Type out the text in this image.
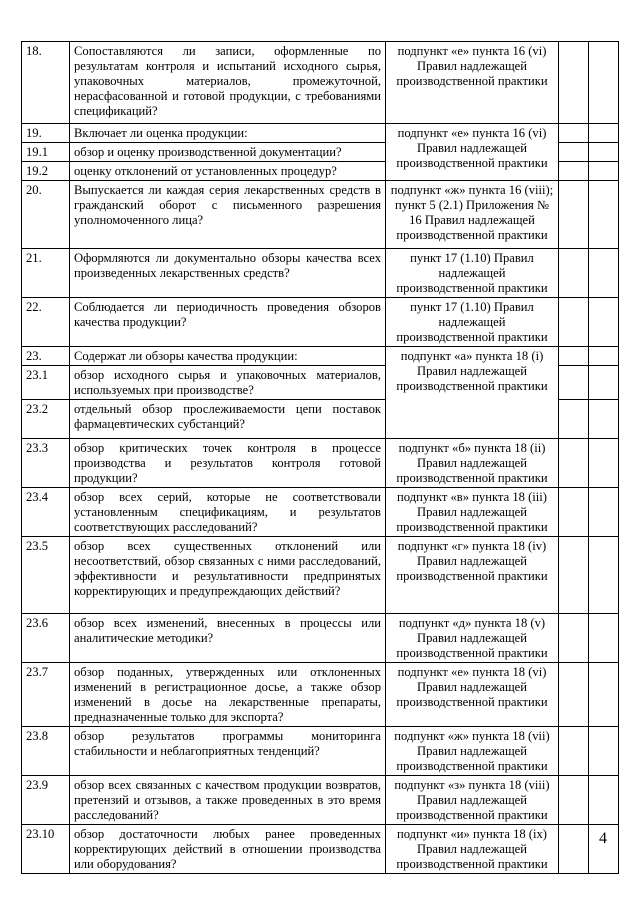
18.	Сопоставляются ли записи, оформленные по результатам контроля и испытаний исходного сырья, упаковочных материалов, промежуточной, нерасфасованной и готовой продукции, с требованиями спецификаций?	подпункт «е» пункта 16 (vi) Правил надлежащей производственной практики		
19.	Включает ли оценка продукции:	подпункт «е» пункта 16 (vi) Правил надлежащей производственной практики		
19.1	обзор и оценку производственной документации?			
19.2	оценку отклонений от установленных процедур?			
20.	Выпускается ли каждая серия лекарственных средств в гражданский оборот с письменного разрешения уполномоченного лица?	подпункт «ж» пункта 16 (viii); пункт 5 (2.1) Приложения № 16 Правил надлежащей производственной практики		
21.	Оформляются ли документально обзоры качества всех произведенных лекарственных средств?	пункт 17 (1.10) Правил надлежащей производственной практики		
22.	Соблюдается ли периодичность проведения обзоров качества продукции?	пункт 17 (1.10) Правил надлежащей производственной практики		
23.	Содержат ли обзоры качества продукции:	подпункт «а» пункта 18 (i) Правил надлежащей производственной практики		
23.1	обзор исходного сырья и упаковочных материалов, используемых при производстве?			
23.2	отдельный обзор прослеживаемости цепи поставок фармацевтических субстанций?			
23.3	обзор критических точек контроля в процессе производства и результатов контроля готовой продукции?	подпункт «б» пункта 18 (ii) Правил надлежащей производственной практики		
23.4	обзор всех серий, которые не соответствовали установленным спецификациям, и результатов соответствующих расследований?	подпункт «в» пункта 18 (iii) Правил надлежащей производственной практики		
23.5	обзор всех существенных отклонений или несоответствий, обзор связанных с ними расследований, эффективности и результативности предпринятых корректирующих и предупреждающих действий?	подпункт «г» пункта 18 (iv) Правил надлежащей производственной практики		
23.6	обзор всех изменений, внесенных в процессы или аналитические методики?	подпункт «д» пункта 18 (v) Правил надлежащей производственной практики		
23.7	обзор поданных, утвержденных или отклоненных изменений в регистрационное досье, а также обзор изменений в досье на лекарственные препараты, предназначенные только для экспорта?	подпункт «е» пункта 18 (vi) Правил надлежащей производственной практики		
23.8	обзор результатов программы мониторинга стабильности и неблагоприятных тенденций?	подпункт «ж» пункта 18 (vii) Правил надлежащей производственной практики		
23.9	обзор всех связанных с качеством продукции возвратов, претензий и отзывов, а также проведенных в это время расследований?	подпункт «з» пункта 18 (viii) Правил надлежащей производственной практики		
23.10	обзор достаточности любых ранее проведенных корректирующих действий в отношении производства или оборудования?	подпункт «и» пункта 18 (ix) Правил надлежащей производственной практики		
4
